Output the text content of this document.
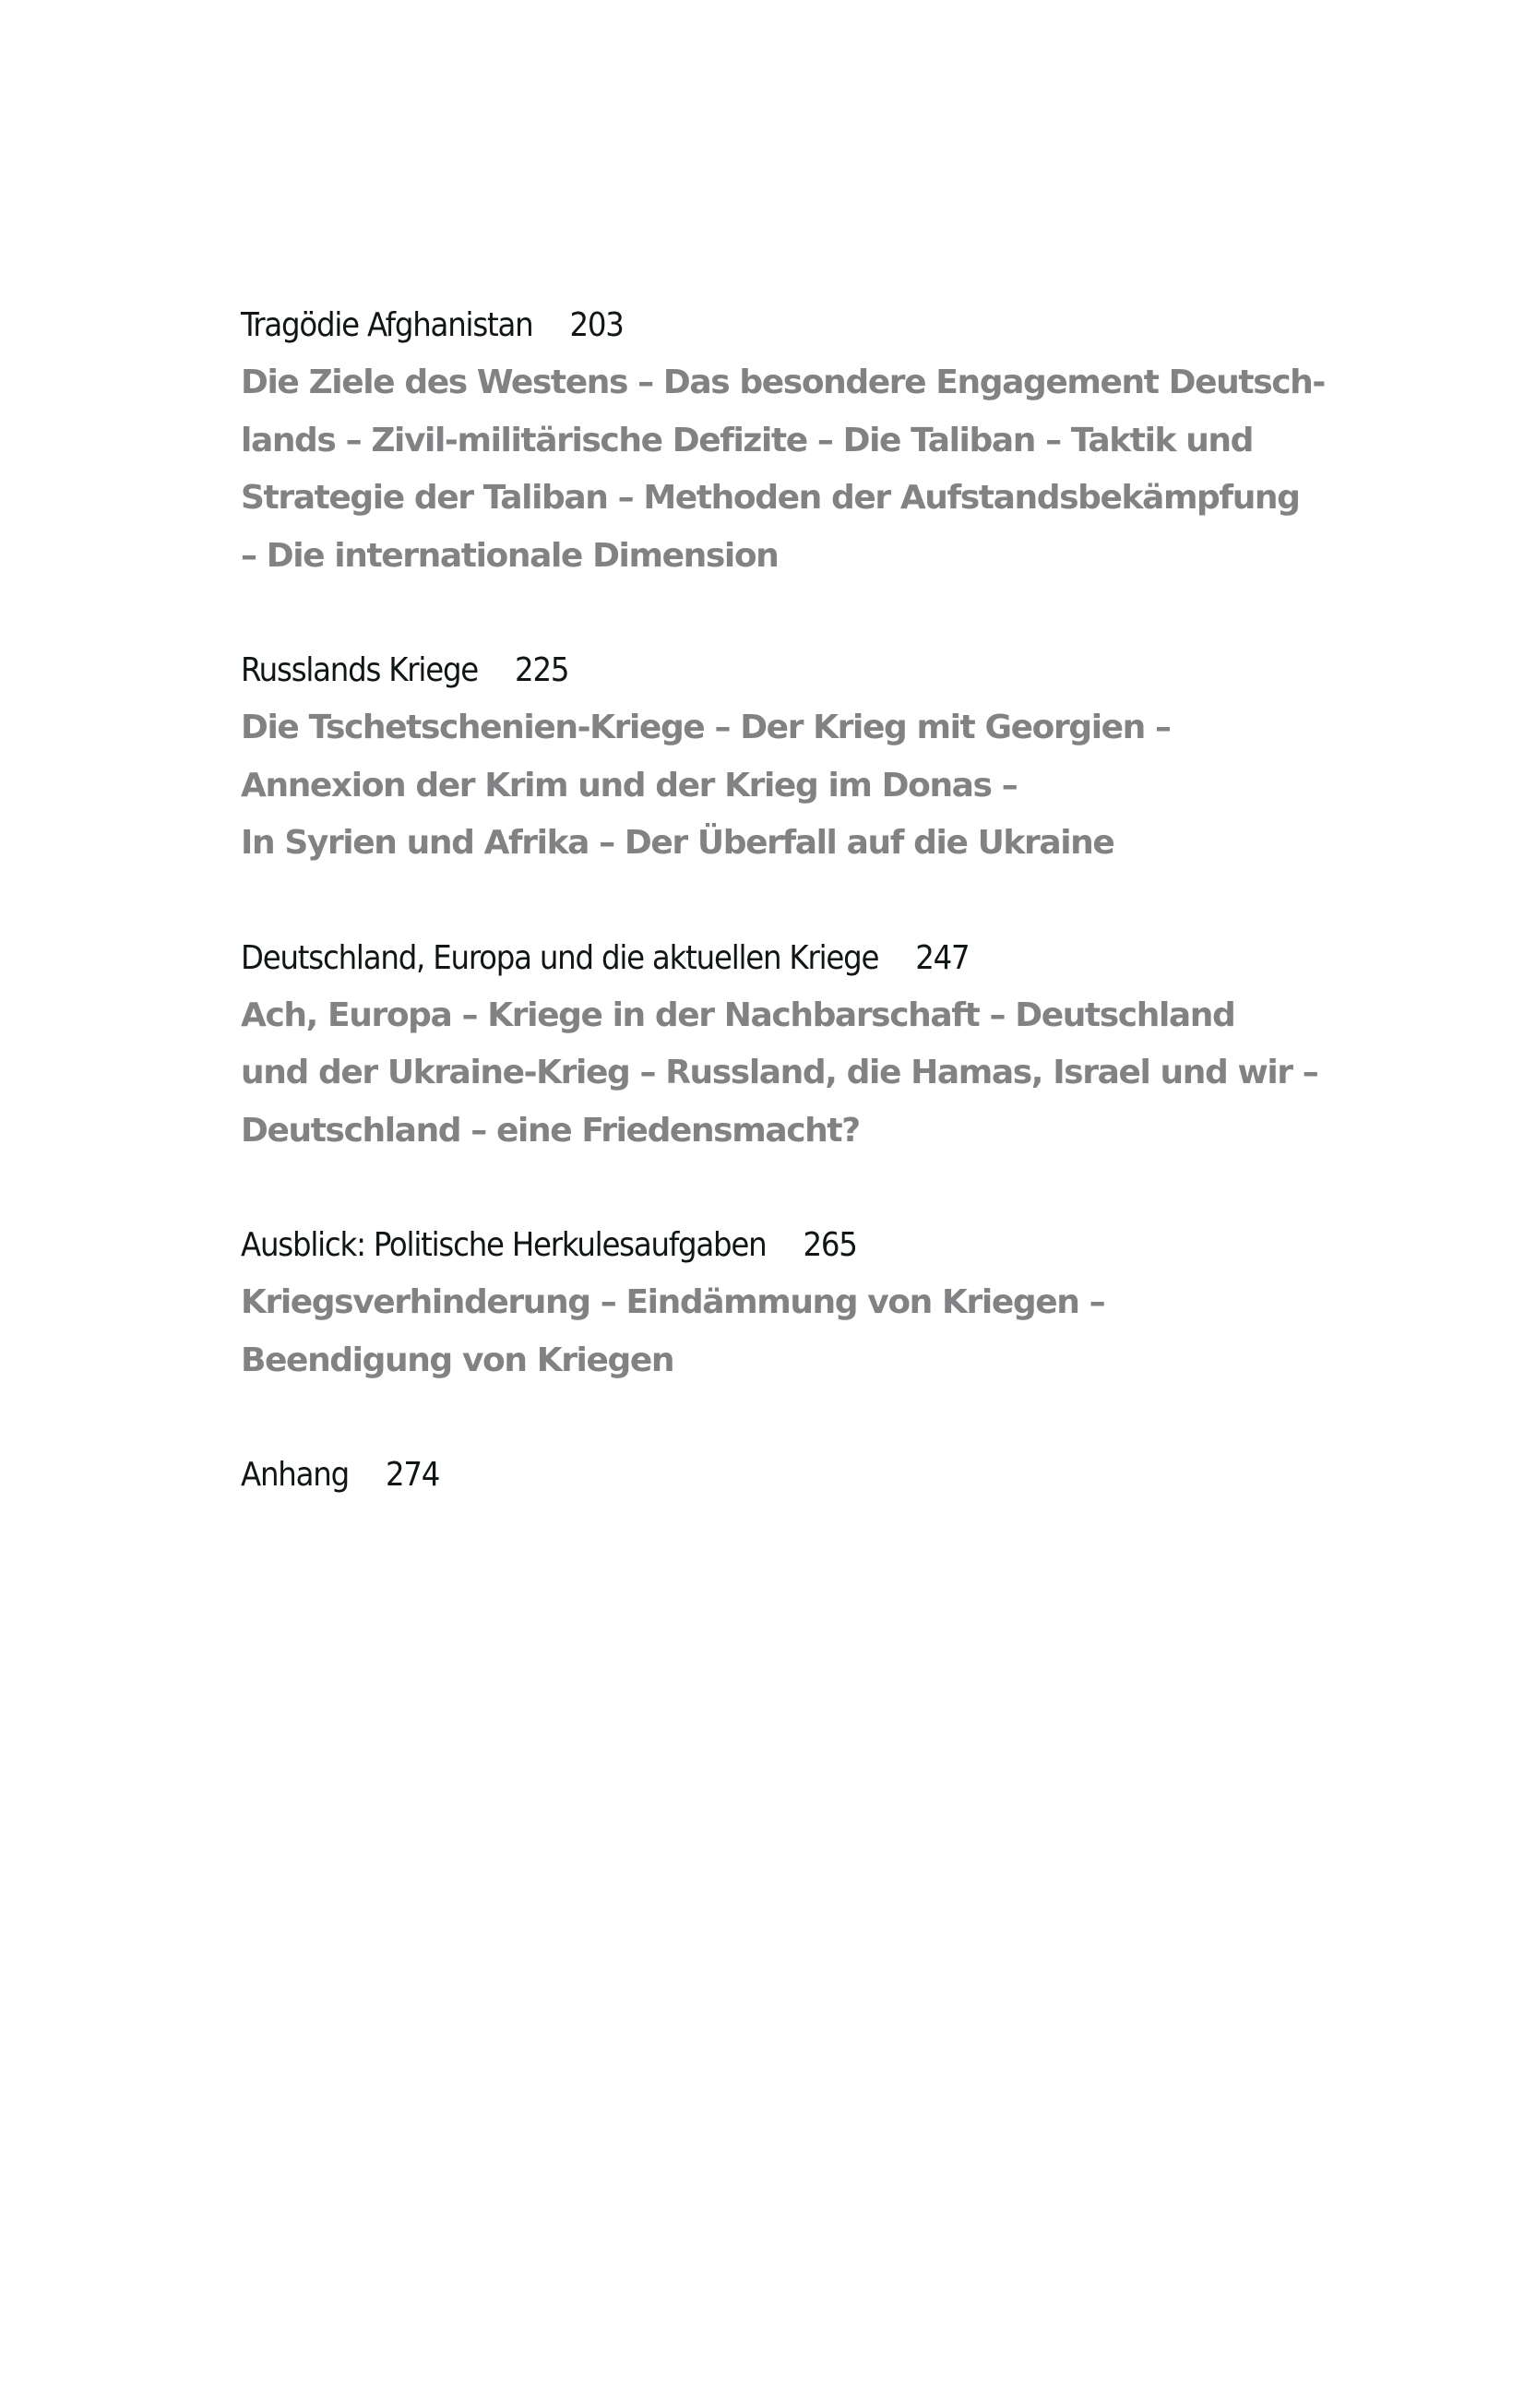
Tragödie Afghanistan 203
Die Ziele des Westens – Das besondere Engagement Deutsch-
lands – Zivil-militärische Defizite – Die Taliban – Taktik und
Strategie der Taliban – Methoden der Aufstandsbekämpfung
– Die internationale Dimension
Russlands Kriege 225
Die Tschetschenien-Kriege – Der Krieg mit Georgien –
Annexion der Krim und der Krieg im Donas –
In Syrien und Afrika – Der Überfall auf die Ukraine
Deutschland, Europa und die aktuellen Kriege 247
Ach, Europa – Kriege in der Nachbarschaft – Deutschland
und der Ukraine-Krieg – Russland, die Hamas, Israel und wir –
Deutschland – eine Friedensmacht?
Ausblick: Politische Herkulesaufgaben 265
Kriegsverhinderung – Eindämmung von Kriegen –
Beendigung von Kriegen
Anhang 274
